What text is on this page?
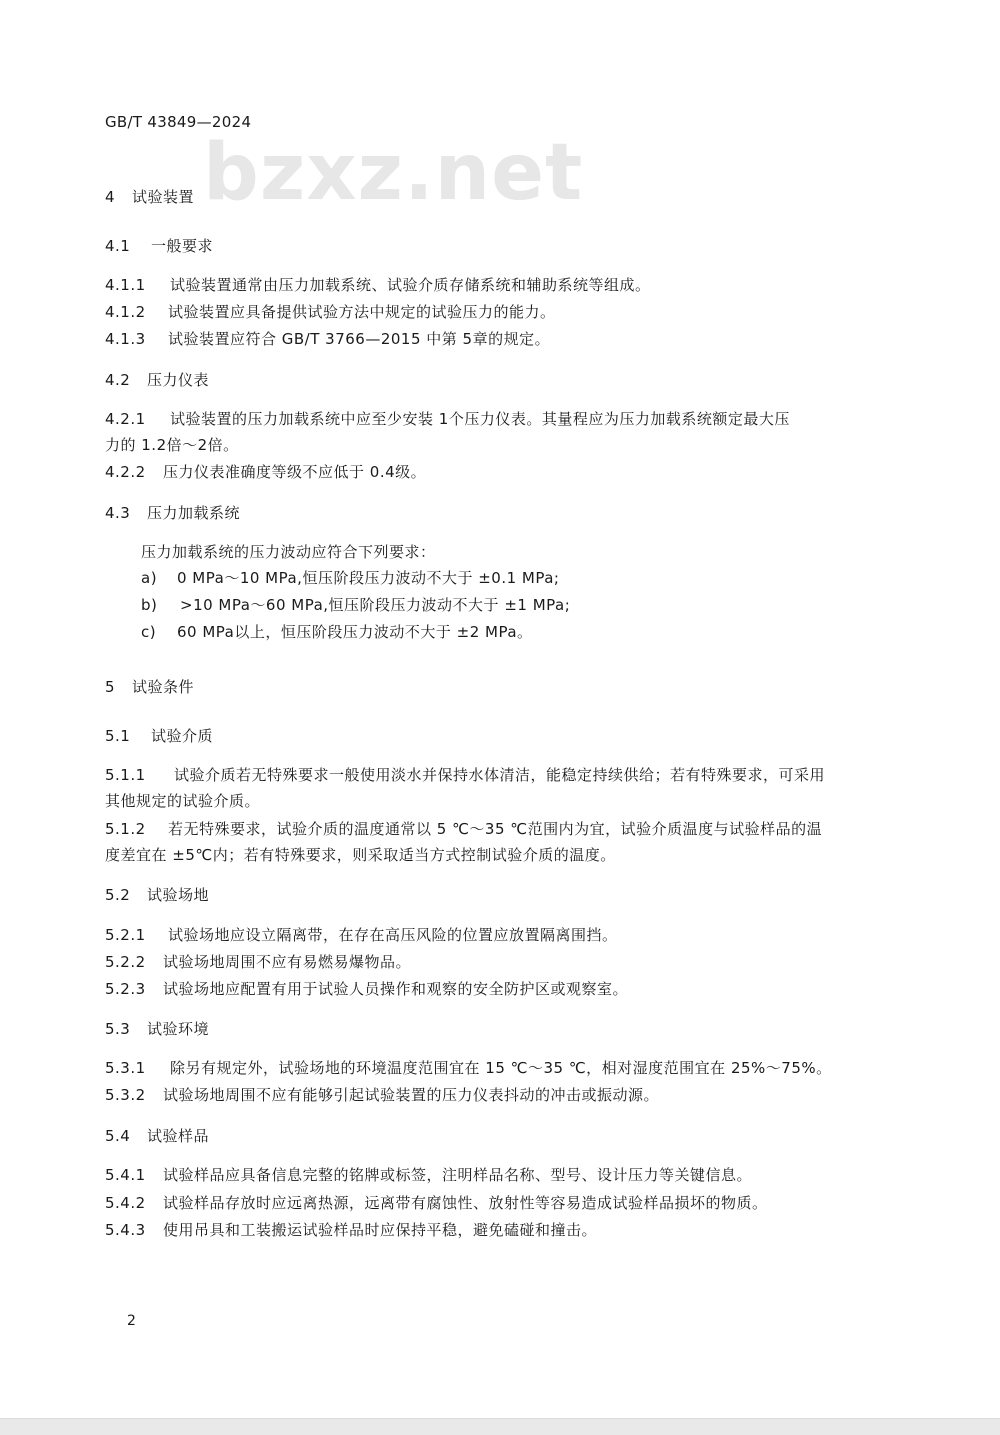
GB/T 43849—2024
bzxz.net
4 试验装置
4.1 一般要求
4.1.1 试验装置通常由压力加载系统、试验介质存储系统和辅助系统等组成。
4.1.2 试验装置应具备提供试验方法中规定的试验压力的能力。
4.1.3 试验装置应符合 GB/T 3766—2015 中第 5章的规定。
4.2 压力仪表
4.2.1 试验装置的压力加载系统中应至少安装 1个压力仪表。其量程应为压力加载系统额定最大压
力的 1.2倍～2倍。
4.2.2 压力仪表准确度等级不应低于 0.4级。
4.3 压力加载系统
压力加载系统的压力波动应符合下列要求：
a) 0 MPa～10 MPa,恒压阶段压力波动不大于 ±0.1 MPa;
b) >10 MPa～60 MPa,恒压阶段压力波动不大于 ±1 MPa;
c) 60 MPa以上，恒压阶段压力波动不大于 ±2 MPa。
5 试验条件
5.1 试验介质
5.1.1 试验介质若无特殊要求一般使用淡水并保持水体清洁，能稳定持续供给；若有特殊要求，可采用
其他规定的试验介质。
5.1.2 若无特殊要求，试验介质的温度通常以 5 ℃～35 ℃范围内为宜，试验介质温度与试验样品的温
度差宜在 ±5℃内；若有特殊要求，则采取适当方式控制试验介质的温度。
5.2 试验场地
5.2.1 试验场地应设立隔离带，在存在高压风险的位置应放置隔离围挡。
5.2.2 试验场地周围不应有易燃易爆物品。
5.2.3 试验场地应配置有用于试验人员操作和观察的安全防护区或观察室。
5.3 试验环境
5.3.1 除另有规定外，试验场地的环境温度范围宜在 15 ℃～35 ℃，相对湿度范围宜在 25%～75%。
5.3.2 试验场地周围不应有能够引起试验装置的压力仪表抖动的冲击或振动源。
5.4 试验样品
5.4.1 试验样品应具备信息完整的铭牌或标签，注明样品名称、型号、设计压力等关键信息。
5.4.2 试验样品存放时应远离热源，远离带有腐蚀性、放射性等容易造成试验样品损坏的物质。
5.4.3 使用吊具和工装搬运试验样品时应保持平稳，避免磕碰和撞击。
2
